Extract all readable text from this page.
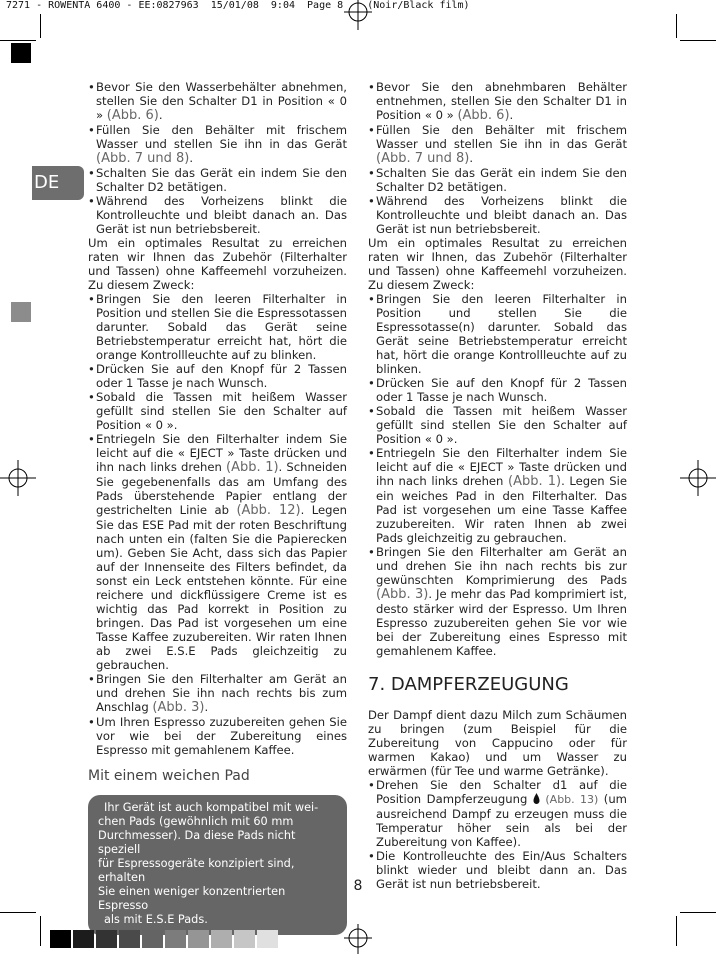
7271 - ROWENTA 6400 - EE:0827963  15/01/08  9:04  Page 8    (Noir/Black film)
DE
• Bevor Sie den Wasserbehälter abnehmen, stellen Sie den Schalter D1 in Position « 0 » (Abb. 6).
• Füllen Sie den Behälter mit frischem Wasser und stellen Sie ihn in das Gerät (Abb. 7 und 8).
• Schalten Sie das Gerät ein indem Sie den Schalter D2 betätigen.
• Während des Vorheizens blinkt die Kontrolleuchte und bleibt danach an. Das Gerät ist nun betriebsbereit.

Um ein optimales Resultat zu erreichen raten wir Ihnen das Zubehör (Filterhalter und Tassen) ohne Kaffeemehl vorzuheizen. Zu diesem Zweck:

• Bringen Sie den leeren Filterhalter in Position und stellen Sie die Espressotassen darunter. Sobald das Gerät seine Betriebstemperatur erreicht hat, hört die orange Kontrollleuchte auf zu blinken.
• Drücken Sie auf den Knopf für 2 Tassen oder 1 Tasse je nach Wunsch.
• Sobald die Tassen mit heißem Wasser gefüllt sind stellen Sie den Schalter auf Position « 0 ».
• Entriegeln Sie den Filterhalter indem Sie leicht auf die « EJECT » Taste drücken und ihn nach links drehen (Abb. 1). Schneiden Sie gegebenenfalls das am Umfang des Pads überstehende Papier entlang der gestrichelten Linie ab (Abb. 12). Legen Sie das ESE Pad mit der roten Beschriftung nach unten ein (falten Sie die Papierecken um). Geben Sie Acht, dass sich das Papier auf der Innenseite des Filters befindet, da sonst ein Leck entstehen könnte. Für eine reichere und dickflüssigere Creme ist es wichtig das Pad korrekt in Position zu bringen. Das Pad ist vorgesehen um eine Tasse Kaffee zuzubereiten. Wir raten Ihnen ab zwei E.S.E Pads gleichzeitig zu gebrauchen.
• Bringen Sie den Filterhalter am Gerät an und drehen Sie ihn nach rechts bis zum Anschlag (Abb. 3).
• Um Ihren Espresso zuzubereiten gehen Sie vor wie bei der Zubereitung eines Espresso mit gemahlenem Kaffee.
Mit einem weichen Pad
Ihr Gerät ist auch kompatibel mit wei-
chen Pads (gewöhnlich mit 60 mm
Durchmesser). Da diese Pads nicht speziell
für Espressogeräte konzipiert sind, erhalten
Sie einen weniger konzentrierten Espresso
als mit E.S.E Pads.
• Bevor Sie den abnehmbaren Behälter entnehmen, stellen Sie den Schalter D1 in Position « 0 » (Abb. 6).
• Füllen Sie den Behälter mit frischem Wasser und stellen Sie ihn in das Gerät (Abb. 7 und 8).
• Schalten Sie das Gerät ein indem Sie den Schalter D2 betätigen.
• Während des Vorheizens blinkt die Kontrolleuchte und bleibt danach an. Das Gerät ist nun betriebsbereit.

Um ein optimales Resultat zu erreichen raten wir Ihnen, das Zubehör (Filterhalter und Tassen) ohne Kaffeemehl vorzuheizen. Zu diesem Zweck:

• Bringen Sie den leeren Filterhalter in Position und stellen Sie die Espressotasse(n) darunter. Sobald das Gerät seine Betriebstemperatur erreicht hat, hört die orange Kontrollleuchte auf zu blinken.
• Drücken Sie auf den Knopf für 2 Tassen oder 1 Tasse je nach Wunsch.
• Sobald die Tassen mit heißem Wasser gefüllt sind stellen Sie den Schalter auf Position « 0 ».
• Entriegeln Sie den Filterhalter indem Sie leicht auf die « EJECT » Taste drücken und ihn nach links drehen (Abb. 1). Legen Sie ein weiches Pad in den Filterhalter. Das Pad ist vorgesehen um eine Tasse Kaffee zuzubereiten. Wir raten Ihnen ab zwei Pads gleichzeitig zu gebrauchen.
• Bringen Sie den Filterhalter am Gerät an und drehen Sie ihn nach rechts bis zur gewünschten Komprimierung des Pads (Abb. 3). Je mehr das Pad komprimiert ist, desto stärker wird der Espresso. Um Ihren Espresso zuzubereiten gehen Sie vor wie bei der Zubereitung eines Espresso mit gemahlenem Kaffee.
7. DAMPFERZEUGUNG

Der Dampf dient dazu Milch zum Schäumen zu bringen (zum Beispiel für die Zubereitung von Cappucino oder für warmen Kakao) und um Wasser zu erwärmen (für Tee und warme Getränke).

• Drehen Sie den Schalter d1 auf die Position Dampferzeugung  (Abb. 13) (um ausreichend Dampf zu erzeugen muss die Temperatur höher sein als bei der Zubereitung von Kaffee).
• Die Kontrolleuchte des Ein/Aus Schalters blinkt wieder und bleibt dann an. Das Gerät ist nun betriebsbereit.
8
